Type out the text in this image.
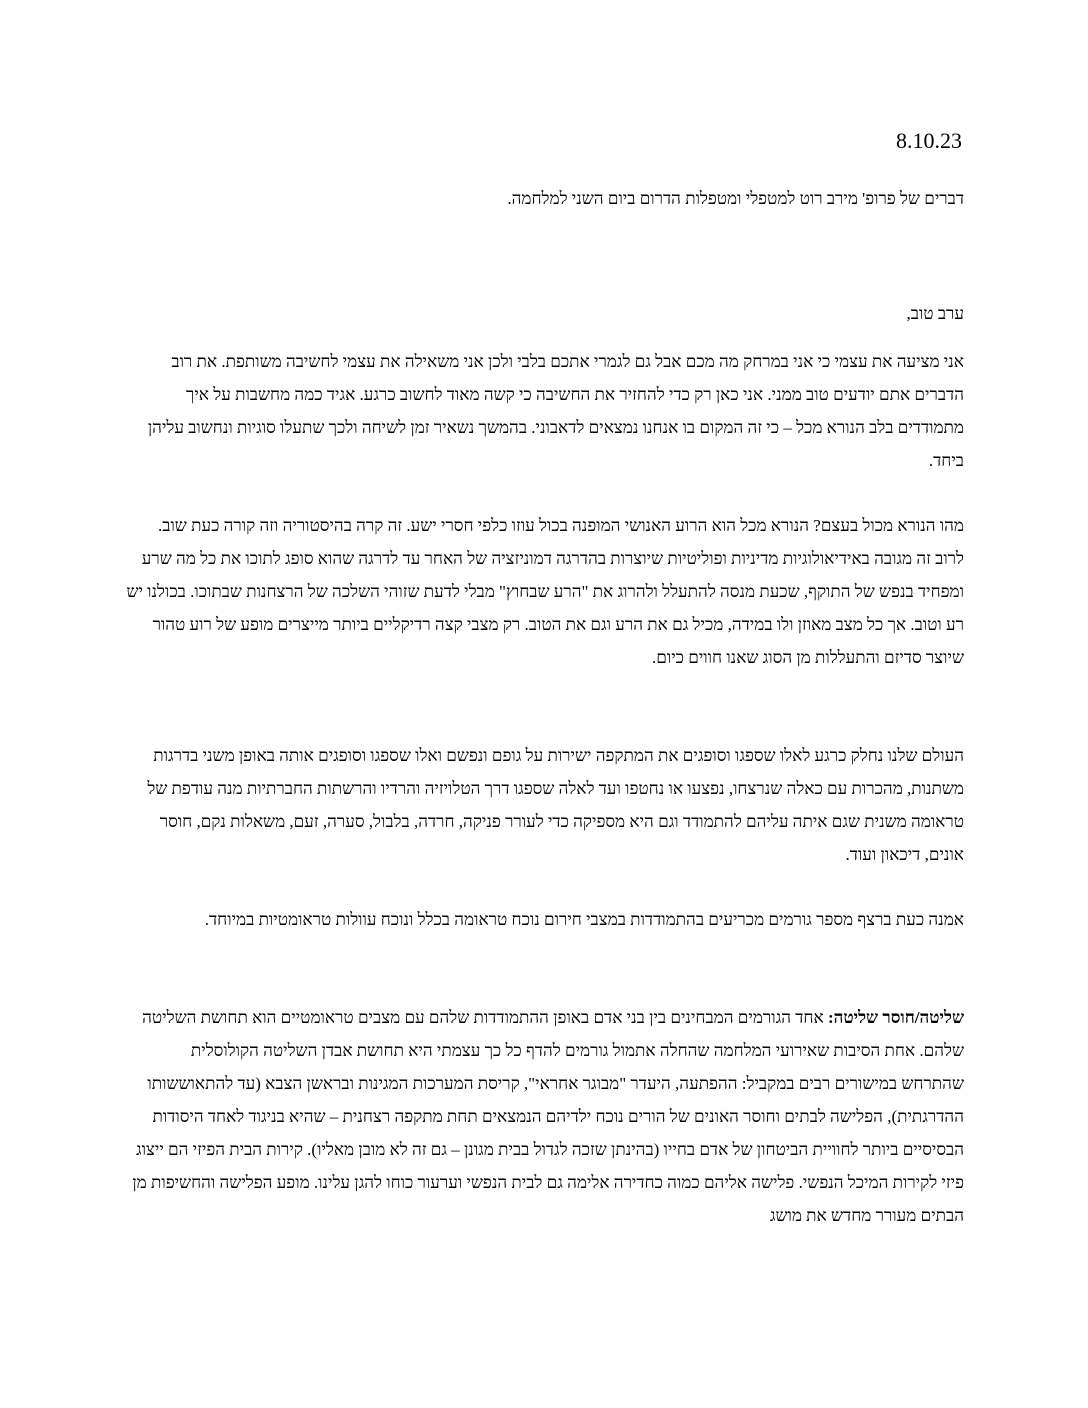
8.10.23

דברים של פרופ' מירב רוט למטפלי ומטפלות הדרום ביום השני למלחמה.

ערב טוב,

אני מציעה את עצמי כי אני במרחק מה מכם אבל גם לגמרי אתכם בלבי ולכן אני משאילה את עצמי לחשיבה משותפת. את רוב הדברים אתם יודעים טוב ממני. אני כאן רק כדי להחזיר את החשיבה כי קשה מאוד לחשוב כרגע. אגיד כמה מחשבות על איך מתמודדים בלב הנורא מכל – כי זה המקום בו אנחנו נמצאים לדאבוני. בהמשך נשאיר זמן לשיחה ולכך שתעלו סוגיות ונחשוב עליהן ביחד.

מהו הנורא מכול בעצם? הנורא מכל הוא הרוע האנושי המופנה בכול עוזו כלפי חסרי ישע. זה קרה בהיסטוריה וזה קורה כעת שוב. לרוב זה מגובה באידיאולוגיות מדיניות ופוליטיות שיוצרות בהדרגה דמוניזציה של האחר עד לדרגה שהוא סופג לתוכו את כל מה שרע ומפחיד בנפש של התוקף, שכעת מנסה להתעלל ולהרוג את "הרע שבחוץ" מבלי לדעת שזוהי השלכה של הרצחנות שבתוכו. בכולנו יש רע וטוב. אך כל מצב מאוזן ולו במידה, מכיל גם את הרע וגם את הטוב. רק מצבי קצה רדיקליים ביותר מייצרים מופע של רוע טהור שיוצר סדיזם והתעללות מן הסוג שאנו חווים כיום.

העולם שלנו נחלק כרגע לאלו שספגו וסופגים את המתקפה ישירות על גופם ונפשם ואלו שספגו וסופגים אותה באופן משני בדרגות משתנות, מהכרות עם כאלה שנרצחו, נפצעו או נחטפו ועד לאלה שספגו דרך הטלויזיה והרדיו והרשתות החברתיות מנה עודפת של טראומה משנית שגם איתה עליהם להתמודד וגם היא מספיקה כדי לעורר פניקה, חרדה, בלבול, סערה, זעם, משאלות נקם, חוסר אונים, דיכאון ועוד.

אמנה כעת ברצף מספר גורמים מכריעים בהתמודדות במצבי חירום נוכח טראומה בכלל ונוכח עוולות טראומטיות במיוחד.

שליטה/חוסר שליטה: אחד הגורמים המבחינים בין בני אדם באופן ההתמודדות שלהם עם מצבים טראומטיים הוא תחושת השליטה שלהם. אחת הסיבות שאירועי המלחמה שהחלה אתמול גורמים להדף כל כך עצמתי היא תחושת אבדן השליטה הקולוסלית שהתרחש במישורים רבים במקביל: ההפתעה, היעדר "מבוגר אחראי", קריסת המערכות המגינות ובראשן הצבא (עד להתאוששותו ההדרגתית), הפלישה לבתים וחוסר האונים של הורים נוכח ילדיהם הנמצאים תחת מתקפה רצחנית – שהיא בניגוד לאחד היסודות הבסיסיים ביותר לחוויית הביטחון של אדם בחייו (בהינתן שזכה לגדול בבית מגונן – גם זה לא מובן מאליו). קירות הבית הפיזי הם ייצוג פיזי לקירות המיכל הנפשי. פלישה אליהם כמוה כחדירה אלימה גם לבית הנפשי וערעור כוחו להגן עלינו. מופע הפלישה והחשיפות מן הבתים מעורר מחדש את מושג
